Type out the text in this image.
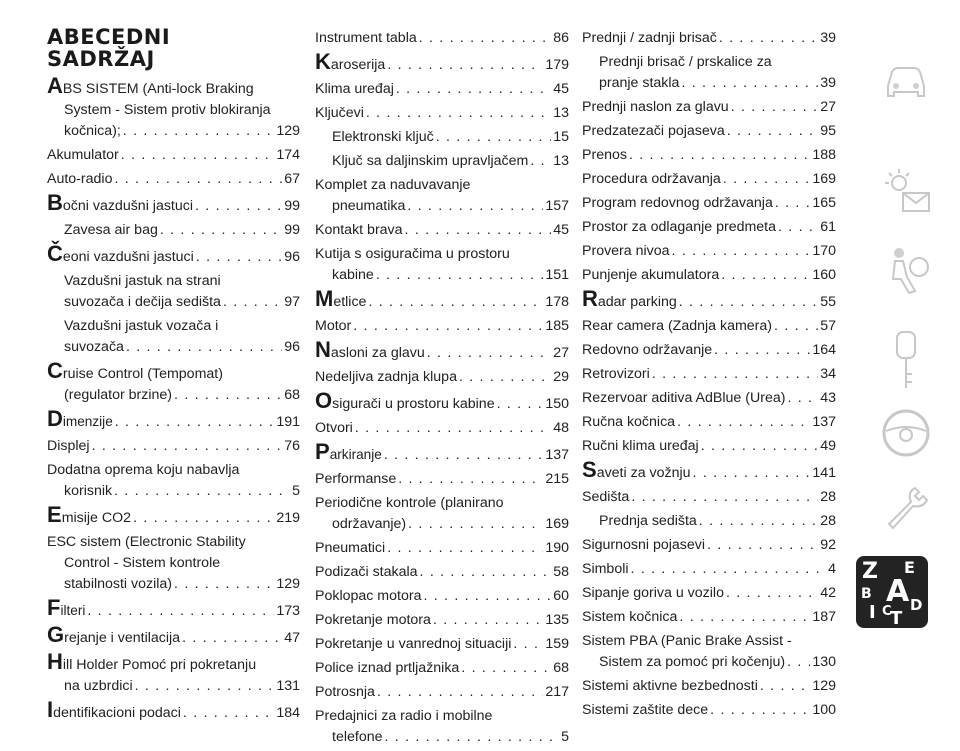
ABECEDNI
SADRŽAJ
ABS SISTEM (Anti-lock Braking
System - Sistem protiv blokiranja
kočnica); . . .	129
Akumulator . . .	174
Auto-radio . . .	67
Bočni vazdušni jastuci . . .	99
Zavesa air bag . . .	99
Čeoni vazdušni jastuci . . .	96
Vazdušni jastuk na strani
suvozača i dečija sedišta . . .	97
Vazdušni jastuk vozača i
suvozača . . .	96
Cruise Control (Tempomat)
(regulator brzine) . . .	68
Dimenzije . . .	191
Displej . . .	76
Dodatna oprema koju nabavlja
korisnik . . .	5
Emisije CO2 . . .	219
ESC sistem (Electronic Stability
Control - Sistem kontrole
stabilnosti vozila) . . .	129
Filteri . . .	173
Grejanje i ventilacija . . .	47
Hill Holder Pomoć pri pokretanju
na uzbrdici . . .	131
Identifikacioni podaci . . .	184
Instrument tabla . . .	86
Karoserija . . .	179
Klima uređaj . . .	45
Ključevi . . .	13
Elektronski ključ . . .	15
Ključ sa daljinskim upravljačem . . . 13
Komplet za naduvavanje
pneumatika . . .	157
Kontakt brava . . .	45
Kutija s osiguračima u prostoru
kabine . . .	151
Metlice . . .	178
Motor . . .	185
Nasloni za glavu . . .	27
Nedeljiva zadnja klupa . . .	29
Osigurači u prostoru kabine . . .	150
Otvori . . .	48
Parkiranje . . .	137
Performanse . . .	215
Periodične kontrole (planirano
održavanje) . . .	169
Pneumatici . . .	190
Podizači stakala . . .	58
Poklopac motora . . .	60
Pokretanje motora . . .	135
Pokretanje u vanrednoj situaciji . . . 159
Police iznad prtljažnika . . .	68
Potrosnja . . .	217
Predajnici za radio i mobilne
telefone . . .	5
Prednji / zadnji brisač . . .	39
Prednji brisač / prskalice za
pranje stakla . . .	39
Prednji naslon za glavu . . .	27
Predzatezači pojaseva . . .	95
Prenos . . .	188
Procedura održavanja . . .	169
Program redovnog održavanja . . .	165
Prostor za odlaganje predmeta . . .	61
Provera nivoa . . .	170
Punjenje akumulatora . . .	160
Radar parking . . .	55
Rear camera (Zadnja kamera) . . .	57
Redovno održavanje . . .	164
Retrovizori . . .	34
Rezervoar aditiva AdBlue (Urea) . . . 43
Ručna kočnica . . .	137
Ručni klima uređaj . . .	49
Saveti za vožnju . . .	141
Sedišta . . .	28
Prednja sedišta . . .	28
Sigurnosni pojasevi . . .	92
Simboli . . .	4
Sipanje goriva u vozilo . . .	42
Sistem kočnica . . .	187
Sistem PBA (Panic Brake Assist -
Sistem za pomoć pri kočenju) . . . 130
Sistemi aktivne bezbednosti . . .	129
Sistemi zaštite dece . . .	100
Z E
B A
C D
I T
